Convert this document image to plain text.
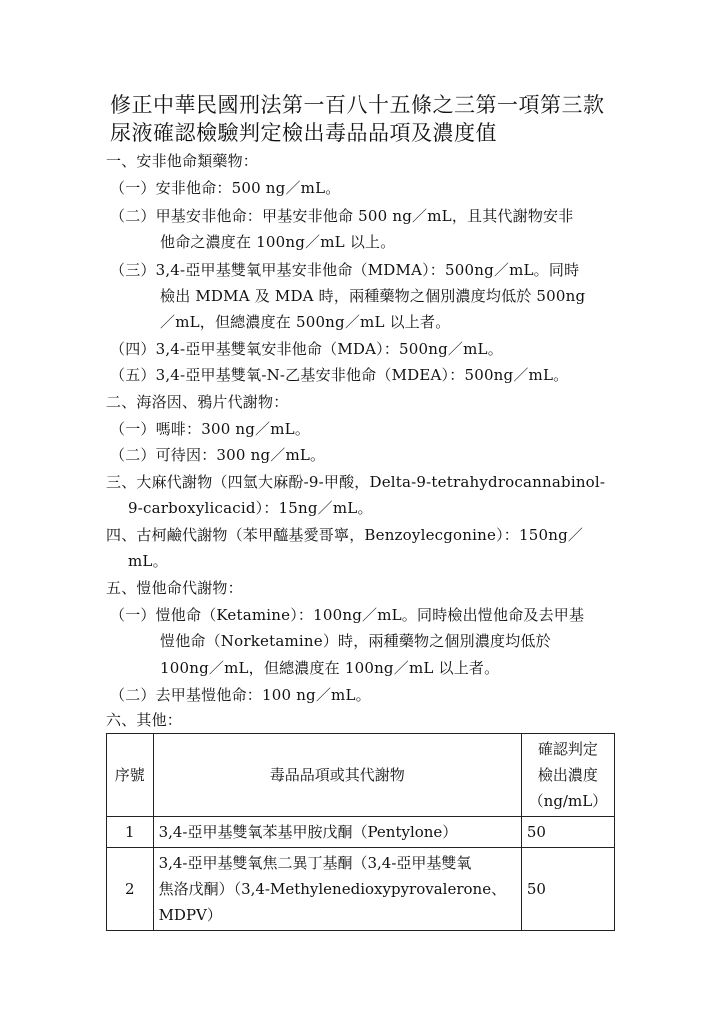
修正中華民國刑法第一百八十五條之三第一項第三款
尿液確認檢驗判定檢出毒品品項及濃度值
一、安非他命類藥物：
（一）安非他命：500 ng／mL。
（二）甲基安非他命：甲基安非他命 500 ng／mL，且其代謝物安非
他命之濃度在 100ng／mL 以上。
（三）3,4-亞甲基雙氧甲基安非他命（MDMA）：500ng／mL。同時
檢出 MDMA 及 MDA 時，兩種藥物之個別濃度均低於 500ng
／mL，但總濃度在 500ng／mL 以上者。
（四）3,4-亞甲基雙氧安非他命（MDA）：500ng／mL。
（五）3,4-亞甲基雙氧-N-乙基安非他命（MDEA）：500ng／mL。
二、海洛因、鴉片代謝物：
（一）嗎啡：300 ng／mL。
（二）可待因：300 ng／mL。
三、大麻代謝物（四氫大麻酚-9-甲酸，Delta-9-tetrahydrocannabinol-
9-carboxylicacid）：15ng／mL。
四、古柯鹼代謝物（苯甲醯基愛哥寧，Benzoylecgonine）：150ng／
mL。
五、愷他命代謝物：
（一）愷他命（Ketamine）：100ng／mL。同時檢出愷他命及去甲基
愷他命（Norketamine）時，兩種藥物之個別濃度均低於
100ng／mL，但總濃度在 100ng／mL 以上者。
（二）去甲基愷他命：100 ng／mL。
六、其他：
序號	毒品品項或其代謝物	確認判定
檢出濃度
（ng/mL）

1	3,4-亞甲基雙氧苯基甲胺戊酮（Pentylone）	50
2	3,4-亞甲基雙氧焦二異丁基酮（3,4-亞甲基雙氧
焦洛戊酮）（3,4-Methylenedioxypyrovalerone、
MDPV）	50
